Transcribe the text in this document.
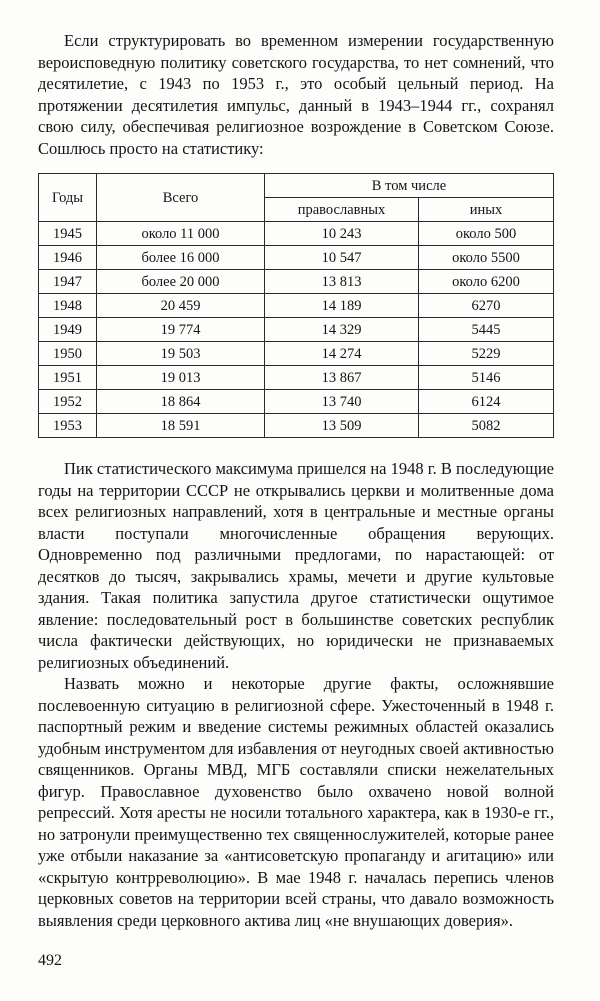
Если структурировать во временном измерении государственную вероисповедную политику советского государства, то нет сомнений, что десятилетие, с 1943 по 1953 г., это особый цельный период. На протяжении десятилетия импульс, данный в 1943–1944 гг., сохранял свою силу, обеспечивая религиозное возрождение в Советском Союзе. Сошлюсь просто на статистику:

Годы	Всего	В том числе	
		православных	иных
1945	около 11 000	10 243	около 500
1946	более 16 000	10 547	около 5500
1947	более 20 000	13 813	около 6200
1948	20 459	14 189	6270
1949	19 774	14 329	5445
1950	19 503	14 274	5229
1951	19 013	13 867	5146
1952	18 864	13 740	6124
1953	18 591	13 509	5082

Пик статистического максимума пришелся на 1948 г. В последующие годы на территории СССР не открывались церкви и молитвенные дома всех религиозных направлений, хотя в центральные и местные органы власти поступали многочисленные обращения верующих. Одновременно под различными предлогами, по нарастающей: от десятков до тысяч, закрывались храмы, мечети и другие культовые здания. Такая политика запустила другое статистически ощутимое явление: последовательный рост в большинстве советских республик числа фактически действующих, но юридически не признаваемых религиозных объединений.

Назвать можно и некоторые другие факты, осложнявшие послевоенную ситуацию в религиозной сфере. Ужесточенный в 1948 г. паспортный режим и введение системы режимных областей оказались удобным инструментом для избавления от неугодных своей активностью священников. Органы МВД, МГБ составляли списки нежелательных фигур. Православное духовенство было охвачено новой волной репрессий. Хотя аресты не носили тотального характера, как в 1930-е гг., но затронули преимущественно тех священнослужителей, которые ранее уже отбыли наказание за «антисоветскую пропаганду и агитацию» или «скрытую контрреволюцию». В мае 1948 г. началась перепись членов церковных советов на территории всей страны, что давало возможность выявления среди церковного актива лиц «не внушающих доверия».

492
